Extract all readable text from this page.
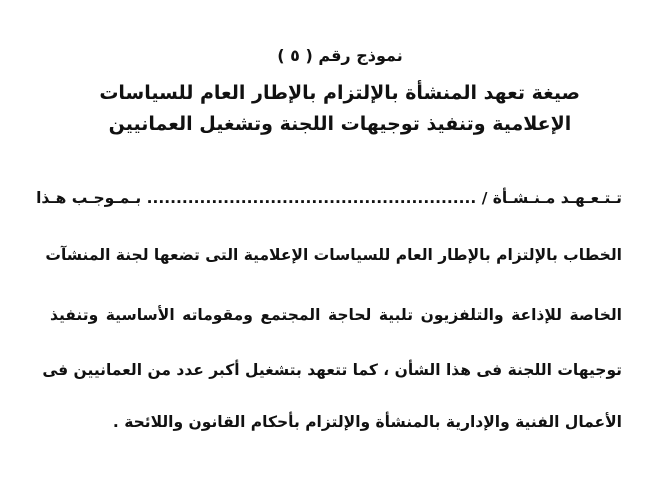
نموذج رقم ( ٥ )
صيغة تعهد المنشأة بالإلتزام بالإطار العام للسياسات
الإعلامية وتنفيذ توجيهات اللجنة وتشغيل العمانيين
تـتـعـهـد مـنـشـأة / ........................................................ بـمـوجـب هـذا
الخطاب بالإلتزام بالإطار العام للسياسات الإعلامية التى تضعها لجنة المنشآت
الخاصة للإذاعة والتلفزيون تلبية لحاجة المجتمع ومقوماته الأساسية وتنفيذ
توجيهات اللجنة فى هذا الشأن ، كما تتعهد بتشغيل أكبر عدد من العمانيين فى
الأعمال الفنية والإدارية بالمنشأة والإلتزام بأحكام القانون واللائحة .
